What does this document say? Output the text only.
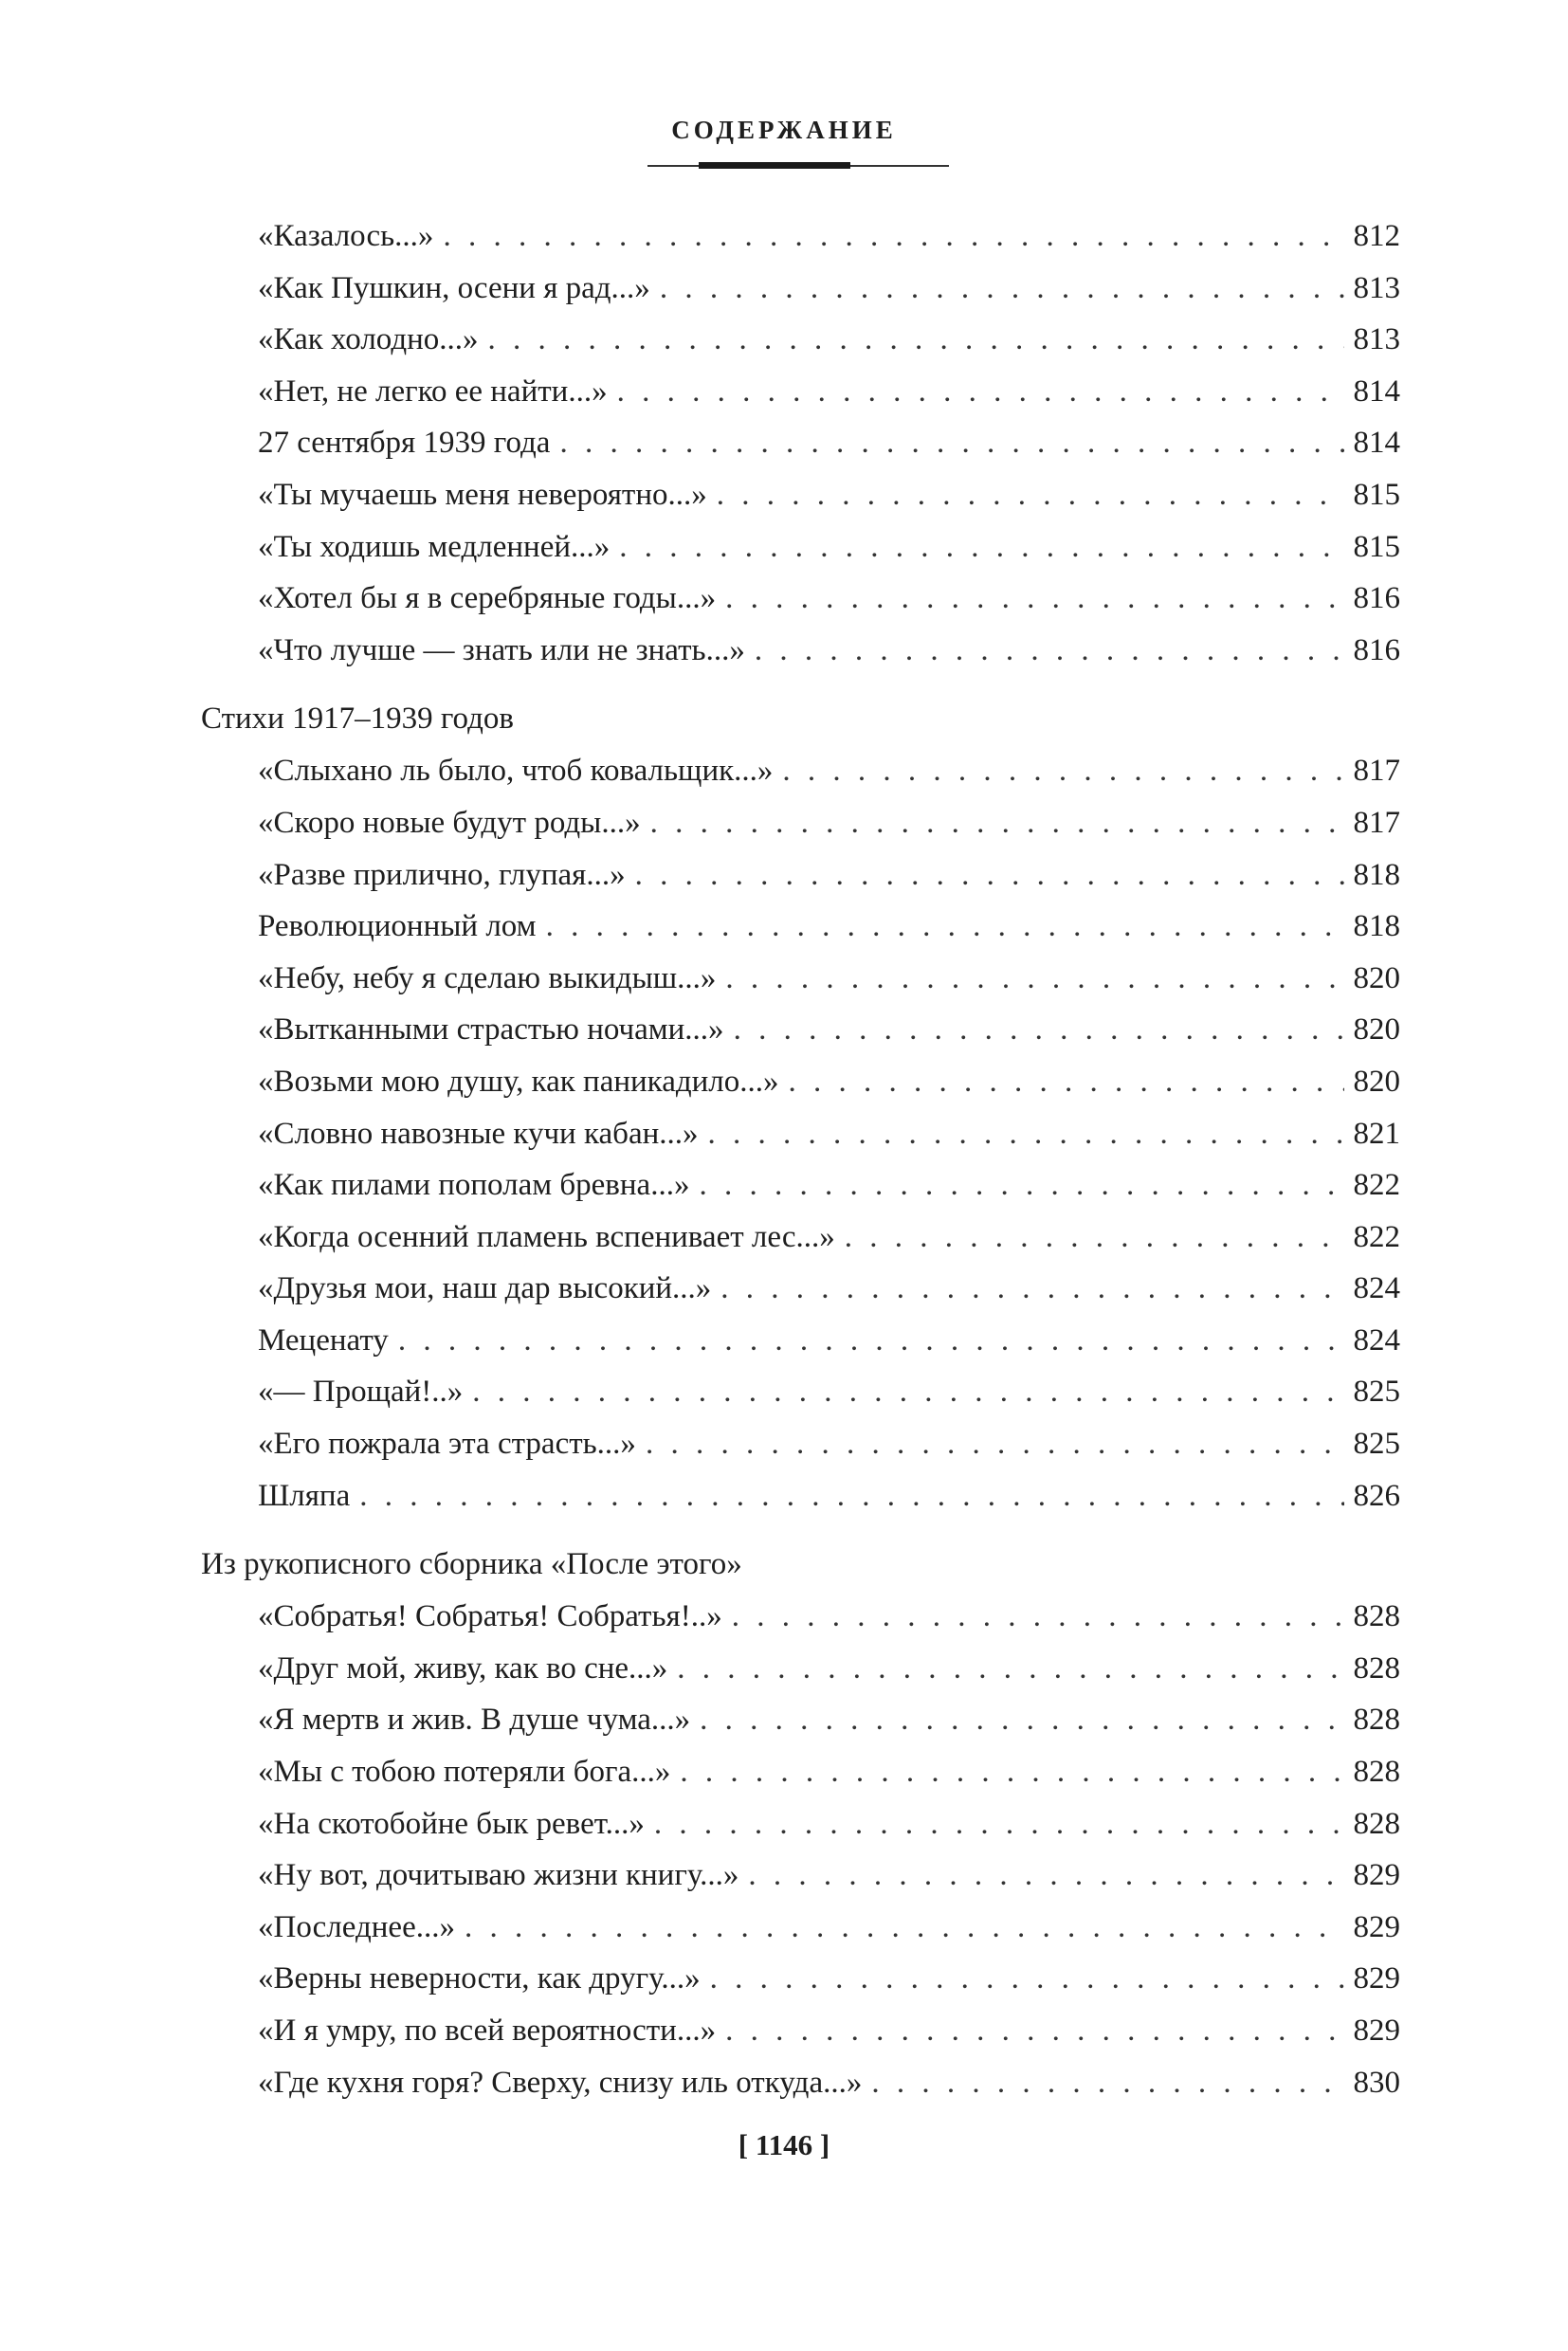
СОДЕРЖАНИЕ
«Казалось...» . . .	812
«Как Пушкин, осени я рад...» . . .	813
«Как холодно...» . . .	813
«Нет, не легко ее найти...» . . .	814
27 сентября 1939 года . . .	814
«Ты мучаешь меня невероятно...» . . .	815
«Ты ходишь медленней...» . . .	815
«Хотел бы я в серебряные годы...» . . .	816
«Что лучше — знать или не знать...» . . .	816
Стихи 1917–1939 годов
«Слыхано ль было, чтоб ковальщик...» . . .	817
«Скоро новые будут роды...» . . .	817
«Разве прилично, глупая...» . . .	818
Революционный лом . . .	818
«Небу, небу я сделаю выкидыш...» . . .	820
«Вытканными страстью ночами...» . . .	820
«Возьми мою душу, как паникадило...» . . .	820
«Словно навозные кучи кабан...» . . .	821
«Как пилами пополам бревна...» . . .	822
«Когда осенний пламень вспенивает лес...» . . .	822
«Друзья мои, наш дар высокий...» . . .	824
Меценату . . .	824
«— Прощай!..» . . .	825
«Его пожрала эта страсть...» . . .	825
Шляпа . . .	826
Из рукописного сборника «После этого»
«Собратья! Собратья! Собратья!..» . . .	828
«Друг мой, живу, как во сне...» . . .	828
«Я мертв и жив. В душе чума...» . . .	828
«Мы с тобою потеряли бога...» . . .	828
«На скотобойне бык ревет...» . . .	828
«Ну вот, дочитываю жизни книгу...» . . .	829
«Последнее...» . . .	829
«Верны неверности, как другу...» . . .	829
«И я умру, по всей вероятности...» . . .	829
«Где кухня горя? Сверху, снизу иль откуда...» . . .	830
[ 1146 ]
